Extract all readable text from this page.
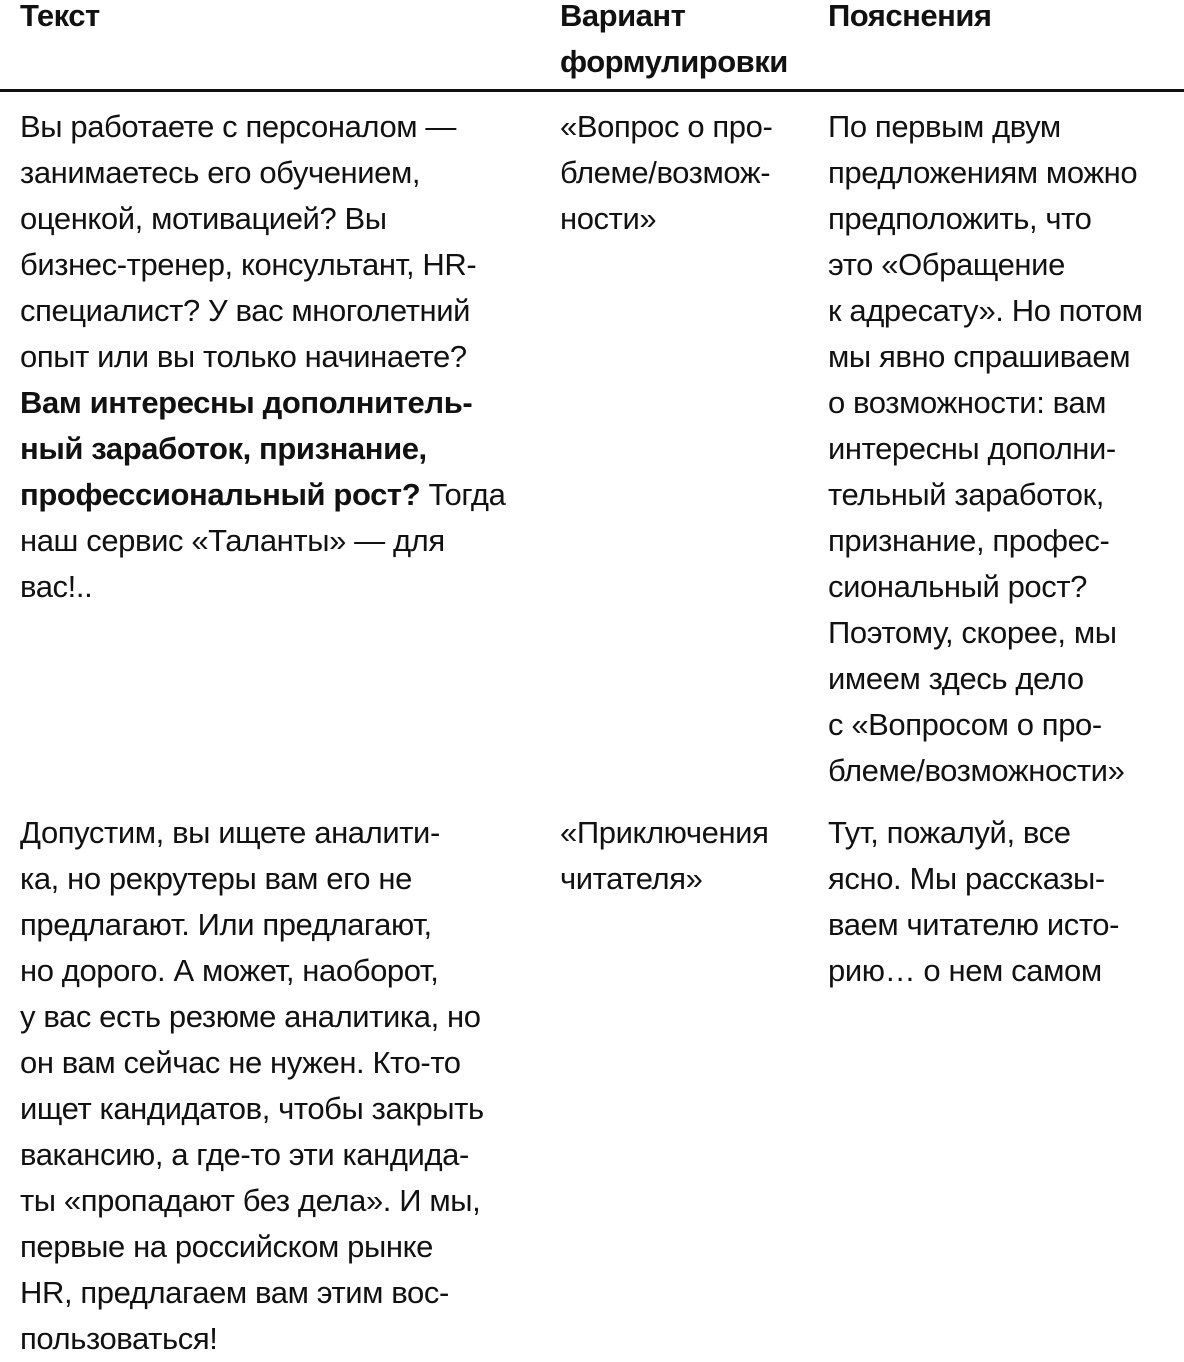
Текст	Вариант
формулировки
Пояснения
Вы работаете с персоналом —
занимаетесь его обучением,
оценкой, мотивацией? Вы
бизнес-тренер, консультант, HR-
специалист? У вас многолетний
опыт или вы только начинаете?
Вам интересны дополнитель-
ный заработок, признание,
профессиональный рост? Тогда
наш сервис «Таланты» — для
вас!..
«Вопрос о про-
блеме/возмож-
ности»
По первым двум
предложениям можно
предположить, что
это «Обращение
к адресату». Но потом
мы явно спрашиваем
о возможности: вам
интересны дополни-
тельный заработок,
признание, профес-
сиональный рост?
Поэтому, скорее, мы
имеем здесь дело
с «Вопросом о про-
блеме/возможности»
Допустим, вы ищете аналити-
ка, но рекрутеры вам его не
предлагают. Или предлагают,
но дорого. А может, наоборот,
у вас есть резюме аналитика, но
он вам сейчас не нужен. Кто-то
ищет кандидатов, чтобы закрыть
вакансию, а где-то эти кандида-
ты «пропадают без дела». И мы,
первые на российском рынке
HR, предлагаем вам этим вос-
пользоваться!
«Приключения
читателя»
Тут, пожалуй, все
ясно. Мы рассказы-
ваем читателю исто-
рию… о нем самом
